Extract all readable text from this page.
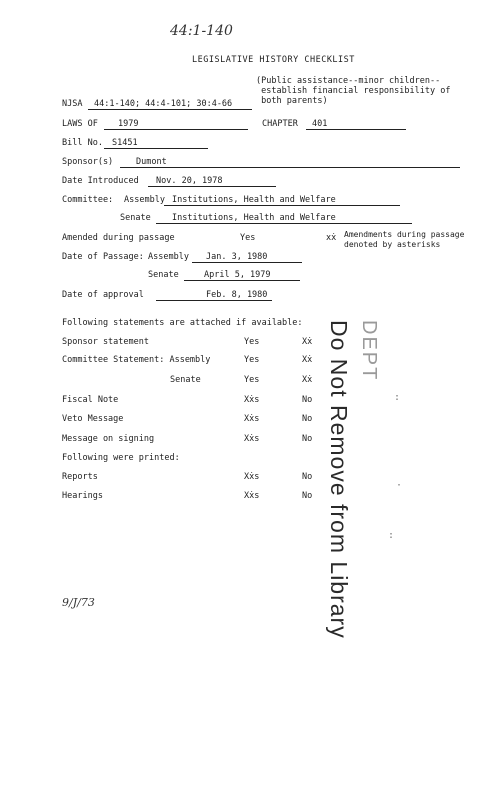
44:1-140
LEGISLATIVE HISTORY CHECKLIST
(Public assistance--minor children--
establish financial responsibility of
both parents)
NJSA 44:1-140; 44:4-101; 30:4-66
LAWS OF 1979	CHAPTER 401
Bill No. S1451
Sponsor(s)	Dumont
Date Introduced Nov. 20, 1978
Committee: Assembly Institutions, Health and Welfare
Senate	Institutions, Health and Welfare
Amended during passage	Yes	xẋ Amendments during passage
denoted by asterisks
Date of Passage: Assembly Jan. 3, 1980
Senate	April 5, 1979
Date of approval	Feb. 8, 1980
Following statements are attached if available:
Sponsor statement	Yes	Xẋ
Committee Statement: Assembly	Yes	Xẋ
Senate	Yes	Xẋ
Fiscal Note	Xẋs	No
Veto Message	Xẋs	No
Message on signing	Xẋs	No
Following were printed:
Reports	Xẋs	No
Hearings	Xẋs	No
DEPT
Do Not Remove from Library	:
·
:
9/J/73
